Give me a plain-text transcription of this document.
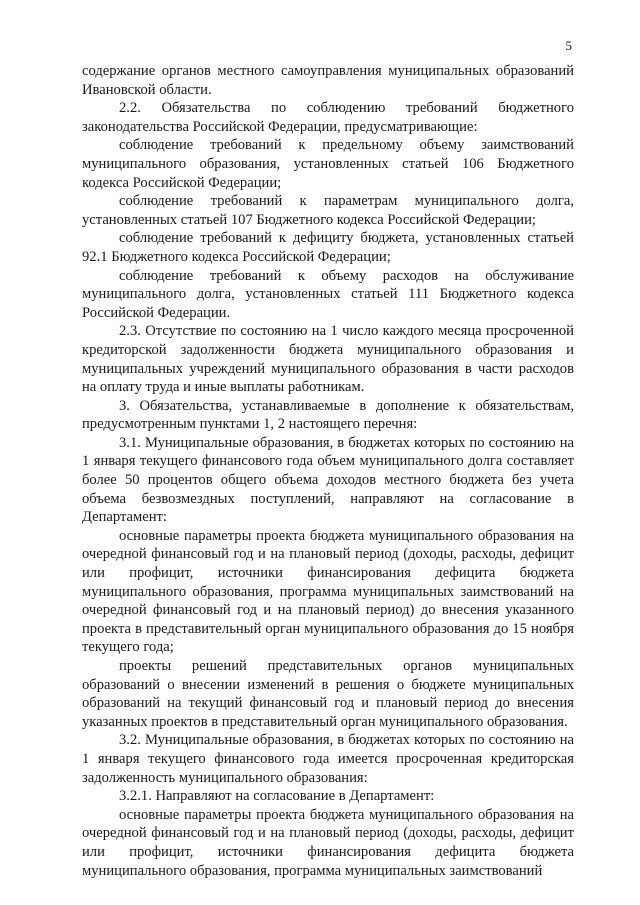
5

содержание органов местного самоуправления муниципальных образований Ивановской области.

2.2. Обязательства по соблюдению требований бюджетного законодательства Российской Федерации, предусматривающие:

соблюдение требований к предельному объему заимствований муниципального образования, установленных статьей 106 Бюджетного кодекса Российской Федерации;

соблюдение требований к параметрам муниципального долга, установленных статьей 107 Бюджетного кодекса Российской Федерации;

соблюдение требований к дефициту бюджета, установленных статьей 92.1 Бюджетного кодекса Российской Федерации;

соблюдение требований к объему расходов на обслуживание муниципального долга, установленных статьей 111 Бюджетного кодекса Российской Федерации.

2.3. Отсутствие по состоянию на 1 число каждого месяца просроченной кредиторской задолженности бюджета муниципального образования и муниципальных учреждений муниципального образования в части расходов на оплату труда и иные выплаты работникам.

3. Обязательства, устанавливаемые в дополнение к обязательствам, предусмотренным пунктами 1, 2 настоящего перечня:

3.1. Муниципальные образования, в бюджетах которых по состоянию на 1 января текущего финансового года объем муниципального долга составляет более 50 процентов общего объема доходов местного бюджета без учета объема безвозмездных поступлений, направляют на согласование в Департамент:

основные параметры проекта бюджета муниципального образования на очередной финансовый год и на плановый период (доходы, расходы, дефицит или профицит, источники финансирования дефицита бюджета муниципального образования, программа муниципальных заимствований на очередной финансовый год и на плановый период) до внесения указанного проекта в представительный орган муниципального образования до 15 ноября текущего года;

проекты решений представительных органов муниципальных образований о внесении изменений в решения о бюджете муниципальных образований на текущий финансовый год и плановый период до внесения указанных проектов в представительный орган муниципального образования.

3.2. Муниципальные образования, в бюджетах которых по состоянию на 1 января текущего финансового года имеется просроченная кредиторская задолженность муниципального образования:

3.2.1. Направляют на согласование в Департамент:

основные параметры проекта бюджета муниципального образования на очередной финансовый год и на плановый период (доходы, расходы, дефицит или профицит, источники финансирования дефицита бюджета муниципального образования, программа муниципальных заимствований
